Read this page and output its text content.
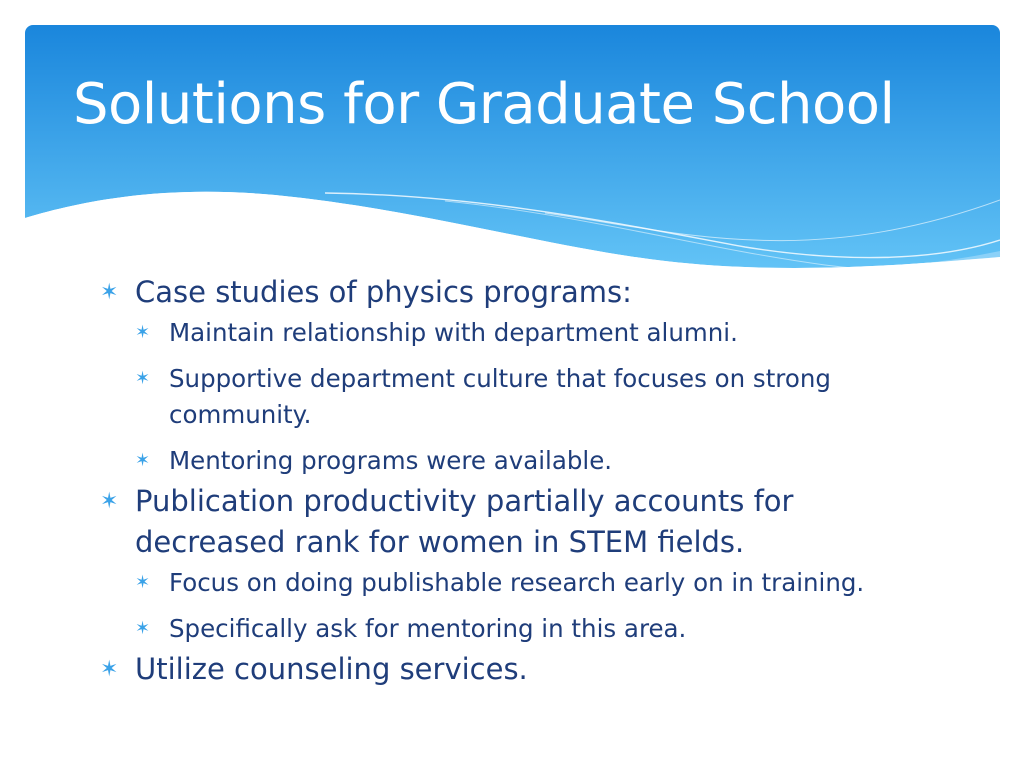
Solutions for Graduate School
✶ Case studies of physics programs:
✶ Maintain relationship with department alumni.
✶ Supportive department culture that focuses on strong community.
✶ Mentoring programs were available.
✶ Publication productivity partially accounts for decreased rank for women in STEM fields.
✶ Focus on doing publishable research early on in training.
✶ Specifically ask for mentoring in this area.
✶ Utilize counseling services.
